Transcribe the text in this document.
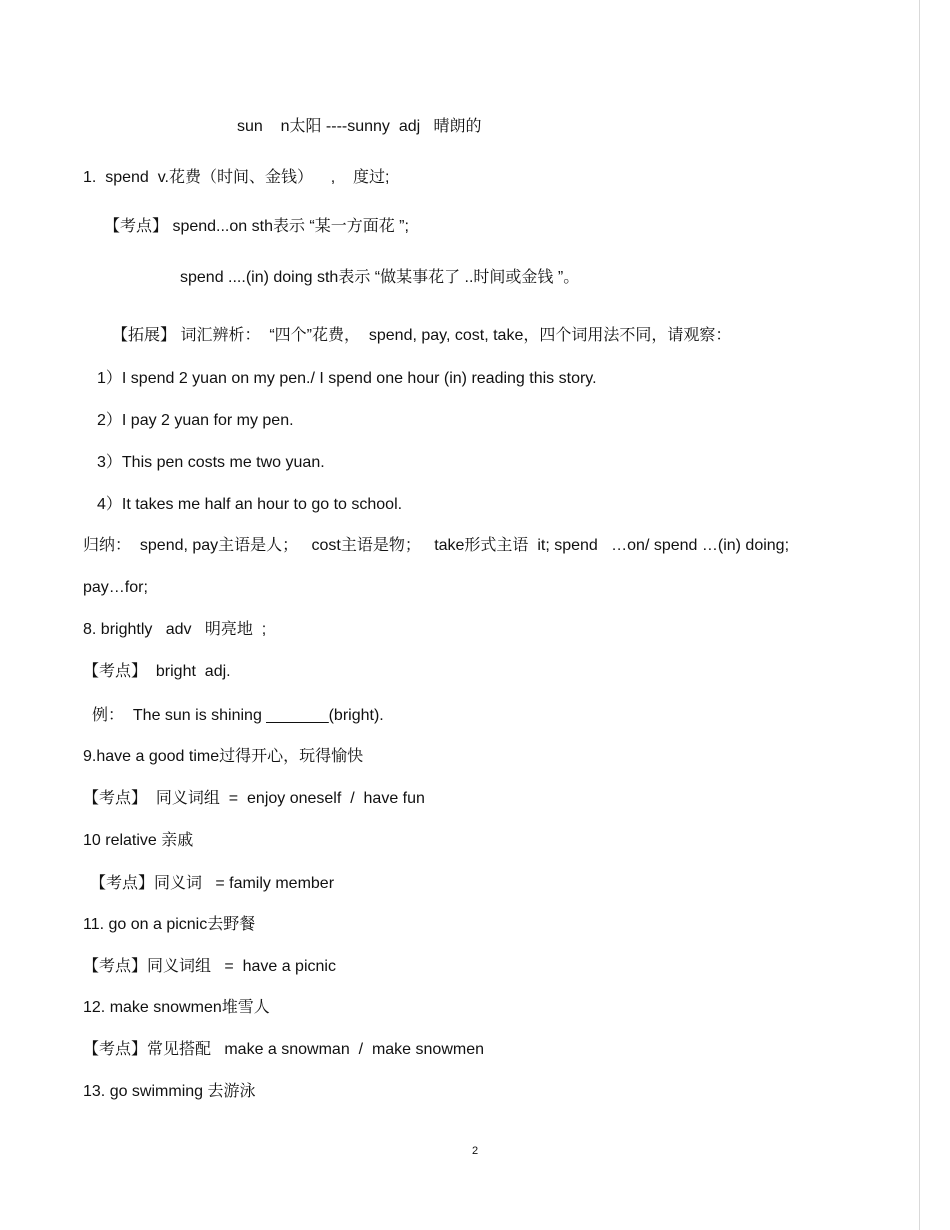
sun    n太阳 ----sunny  adj   晴朗的
1.  spend  v.花费（时间、金钱）    ,    度过;
【考点】 spend...on sth表示 “某一方面花 ”;
spend ....(in) doing sth表示 “做某事花了 ..时间或金钱 ”。
【拓展】 词汇辨析：  “四个”花费，  spend, pay, cost, take，四个词用法不同，请观察：
1）I spend 2 yuan on my pen./ I spend one hour (in) reading this story.
2）I pay 2 yuan for my pen.
3）This pen costs me two yuan.
4）It takes me half an hour to go to school.
归纳：  spend, pay主语是人；   cost主语是物；   take形式主语  it; spend   …on/ spend …(in) doing;
pay…for;
8. brightly   adv   明亮地  ;
【考点】  bright  adj.
例：  The sun is shining _______(bright).
9.have a good time过得开心，玩得愉快
【考点】  同义词组  =  enjoy oneself  /  have fun
10 relative 亲戚
【考点】同义词   = family member
11. go on a picnic去野餐
【考点】同义词组   =  have a picnic
12. make snowmen堆雪人
【考点】常见搭配   make a snowman  /  make snowmen
13. go swimming 去游泳
2
